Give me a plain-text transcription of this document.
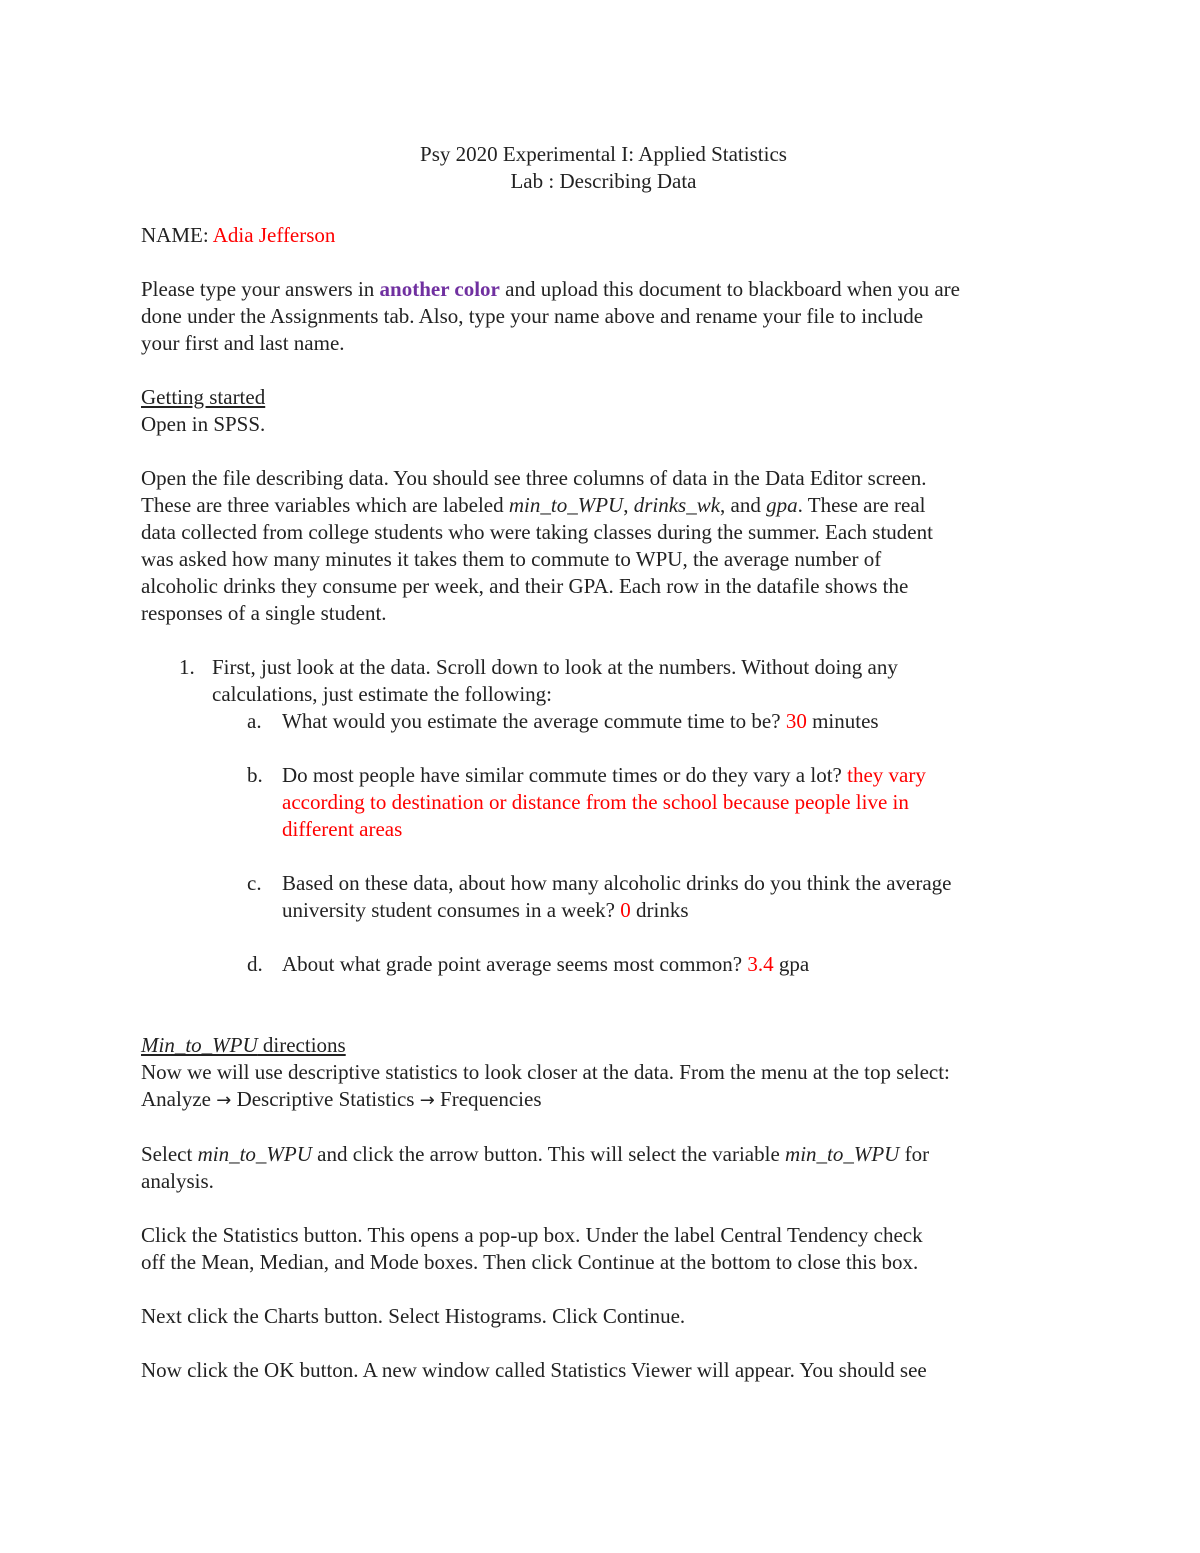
Psy 2020 Experimental I: Applied Statistics

Lab : Describing Data

NAME: Adia Jefferson

Please type your answers in another color and upload this document to blackboard when you are

done under the Assignments tab. Also, type your name above and rename your file to include

your first and last name.

Getting started

Open in SPSS.

Open the file describing data. You should see three columns of data in the Data Editor screen.

These are three variables which are labeled min_to_WPU, drinks_wk, and gpa. These are real

data collected from college students who were taking classes during the summer. Each student

was asked how many minutes it takes them to commute to WPU, the average number of

alcoholic drinks they consume per week, and their GPA. Each row in the datafile shows the

responses of a single student.

1. First, just look at the data. Scroll down to look at the numbers. Without doing any

calculations, just estimate the following:

a. What would you estimate the average commute time to be? 30 minutes

b. Do most people have similar commute times or do they vary a lot? they vary

according to destination or distance from the school because people live in

different areas

c. Based on these data, about how many alcoholic drinks do you think the average

university student consumes in a week? 0 drinks

d. About what grade point average seems most common? 3.4 gpa

Min_to_WPU directions

Now we will use descriptive statistics to look closer at the data. From the menu at the top select:

Analyze → Descriptive Statistics → Frequencies

Select min_to_WPU and click the arrow button. This will select the variable min_to_WPU for

analysis.

Click the Statistics button. This opens a pop-up box. Under the label Central Tendency check

off the Mean, Median, and Mode boxes. Then click Continue at the bottom to close this box.

Next click the Charts button. Select Histograms. Click Continue.

Now click the OK button. A new window called Statistics Viewer will appear. You should see
